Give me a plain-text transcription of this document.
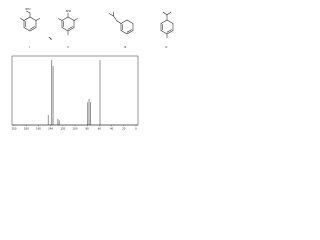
NH2
I
NH2
II	III	IV
200	180	160	140	120	100	80	60	40	20	0
